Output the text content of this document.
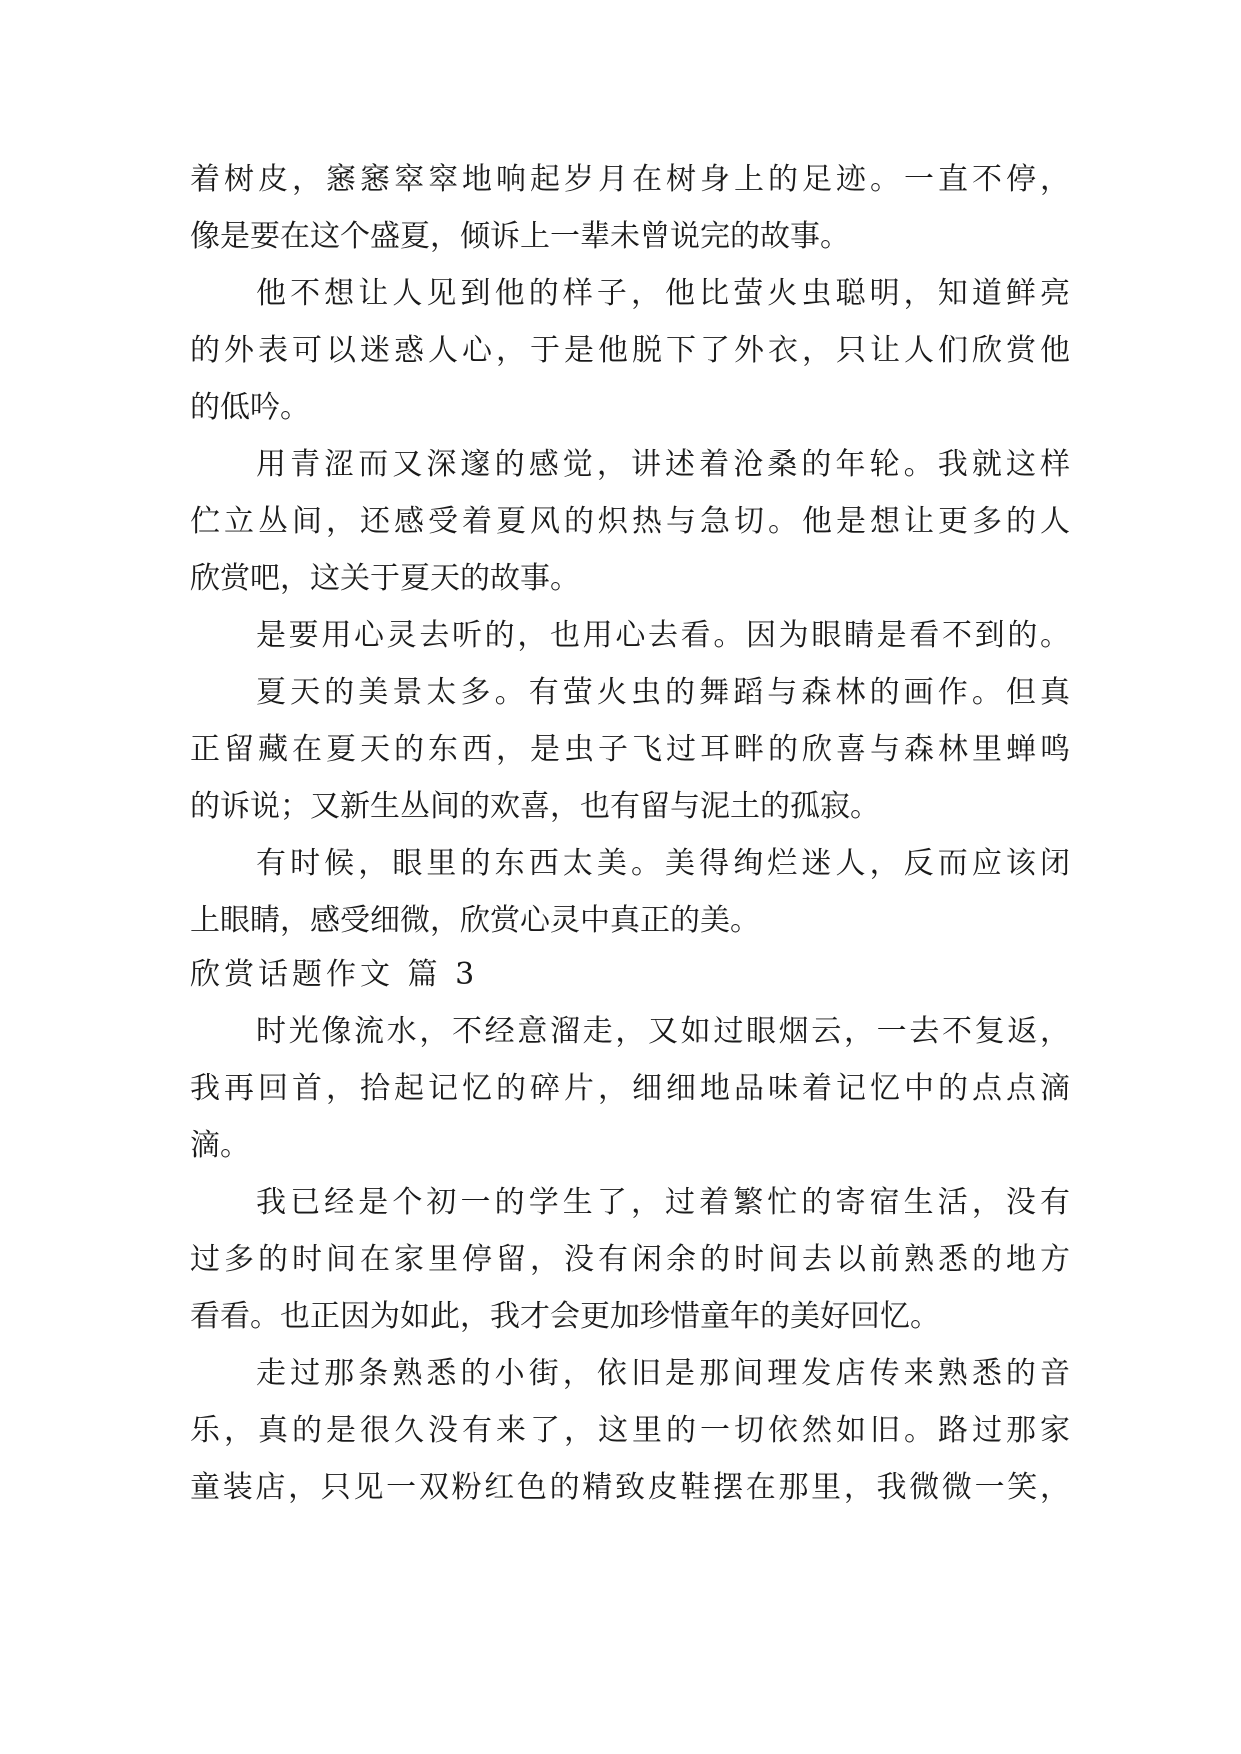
着树皮，窸窸窣窣地响起岁月在树身上的足迹。一直不停，
像是要在这个盛夏，倾诉上一辈未曾说完的故事。
他不想让人见到他的样子，他比萤火虫聪明，知道鲜亮
的外表可以迷惑人心，于是他脱下了外衣，只让人们欣赏他
的低吟。
用青涩而又深邃的感觉，讲述着沧桑的年轮。我就这样
伫立丛间，还感受着夏风的炽热与急切。他是想让更多的人
欣赏吧，这关于夏天的故事。
是要用心灵去听的，也用心去看。因为眼睛是看不到的。
夏天的美景太多。有萤火虫的舞蹈与森林的画作。但真
正留藏在夏天的东西，是虫子飞过耳畔的欣喜与森林里蝉鸣
的诉说；又新生丛间的欢喜，也有留与泥土的孤寂。
有时候，眼里的东西太美。美得绚烂迷人，反而应该闭
上眼睛，感受细微，欣赏心灵中真正的美。
欣赏话题作文 篇 3
时光像流水，不经意溜走，又如过眼烟云，一去不复返，
我再回首，拾起记忆的碎片，细细地品味着记忆中的点点滴
滴。
我已经是个初一的学生了，过着繁忙的寄宿生活，没有
过多的时间在家里停留，没有闲余的时间去以前熟悉的地方
看看。也正因为如此，我才会更加珍惜童年的美好回忆。
走过那条熟悉的小街，依旧是那间理发店传来熟悉的音
乐，真的是很久没有来了，这里的一切依然如旧。路过那家
童装店，只见一双粉红色的精致皮鞋摆在那里，我微微一笑，
